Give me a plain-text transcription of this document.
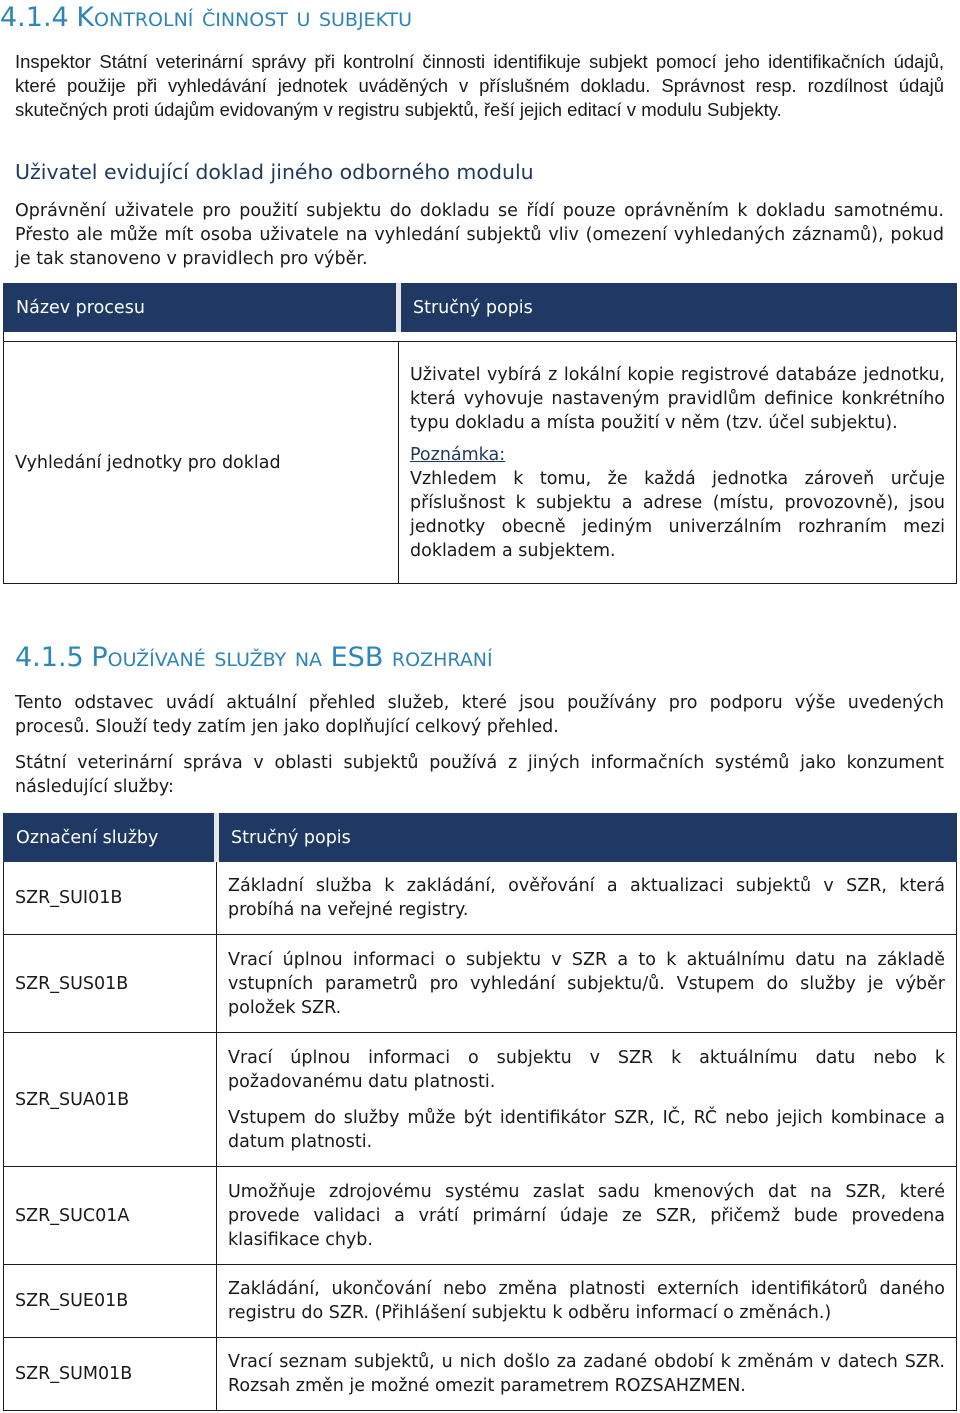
4.1.4 Kontrolní činnost u subjektu

Inspektor Státní veterinární správy při kontrolní činnosti identifikuje subjekt pomocí jeho identifikačních údajů, které použije při vyhledávání jednotek uváděných v příslušném dokladu. Správnost resp. rozdílnost údajů skutečných proti údajům evidovaným v registru subjektů, řeší jejich editací v modulu Subjekty.

Uživatel evidující doklad jiného odborného modulu

Oprávnění uživatele pro použití subjektu do dokladu se řídí pouze oprávněním k dokladu samotnému. Přesto ale může mít osoba uživatele na vyhledání subjektů vliv (omezení vyhledaných záznamů), pokud je tak stanoveno v pravidlech pro výběr.

Název procesu	Stručný popis

Vyhledání jednotky pro doklad	Uživatel vybírá z lokální kopie registrové databáze jednotku, která vyhovuje nastaveným pravidlům definice konkrétního typu dokladu a místa použití v něm (tzv. účel subjektu).

Poznámka:

Vzhledem k tomu, že každá jednotka zároveň určuje příslušnost k subjektu a adrese (místu, provozovně), jsou jednotky obecně jediným univerzálním rozhraním mezi dokladem a subjektem.

4.1.5 Používané služby na ESB rozhraní

Tento odstavec uvádí aktuální přehled služeb, které jsou používány pro podporu výše uvedených procesů. Slouží tedy zatím jen jako doplňující celkový přehled.

Státní veterinární správa v oblasti subjektů používá z jiných informačních systémů jako konzument následující služby:

Označení služby	Stručný popis
SZR_SUI01B	Základní služba k zakládání, ověřování a aktualizaci subjektů v SZR, která probíhá na veřejné registry.

SZR_SUS01B	Vrací úplnou informaci o subjektu v SZR a to k aktuálnímu datu na základě vstupních parametrů pro vyhledání subjektu/ů. Vstupem do služby je výběr položek SZR.

SZR_SUA01B	Vrací úplnou informaci o subjektu v SZR k aktuálnímu datu nebo k požadovanému datu platnosti.

Vstupem do služby může být identifikátor SZR, IČ, RČ nebo jejich kombinace a datum platnosti.

SZR_SUC01A	Umožňuje zdrojovému systému zaslat sadu kmenových dat na SZR, které provede validaci a vrátí primární údaje ze SZR, přičemž bude provedena klasifikace chyb.

SZR_SUE01B	Zakládání, ukončování nebo změna platnosti externích identifikátorů daného registru do SZR. (Přihlášení subjektu k odběru informací o změnách.)

SZR_SUM01B	Vrací seznam subjektů, u nich došlo za zadané období k změnám v datech SZR. Rozsah změn je možné omezit parametrem ROZSAHZMEN.
